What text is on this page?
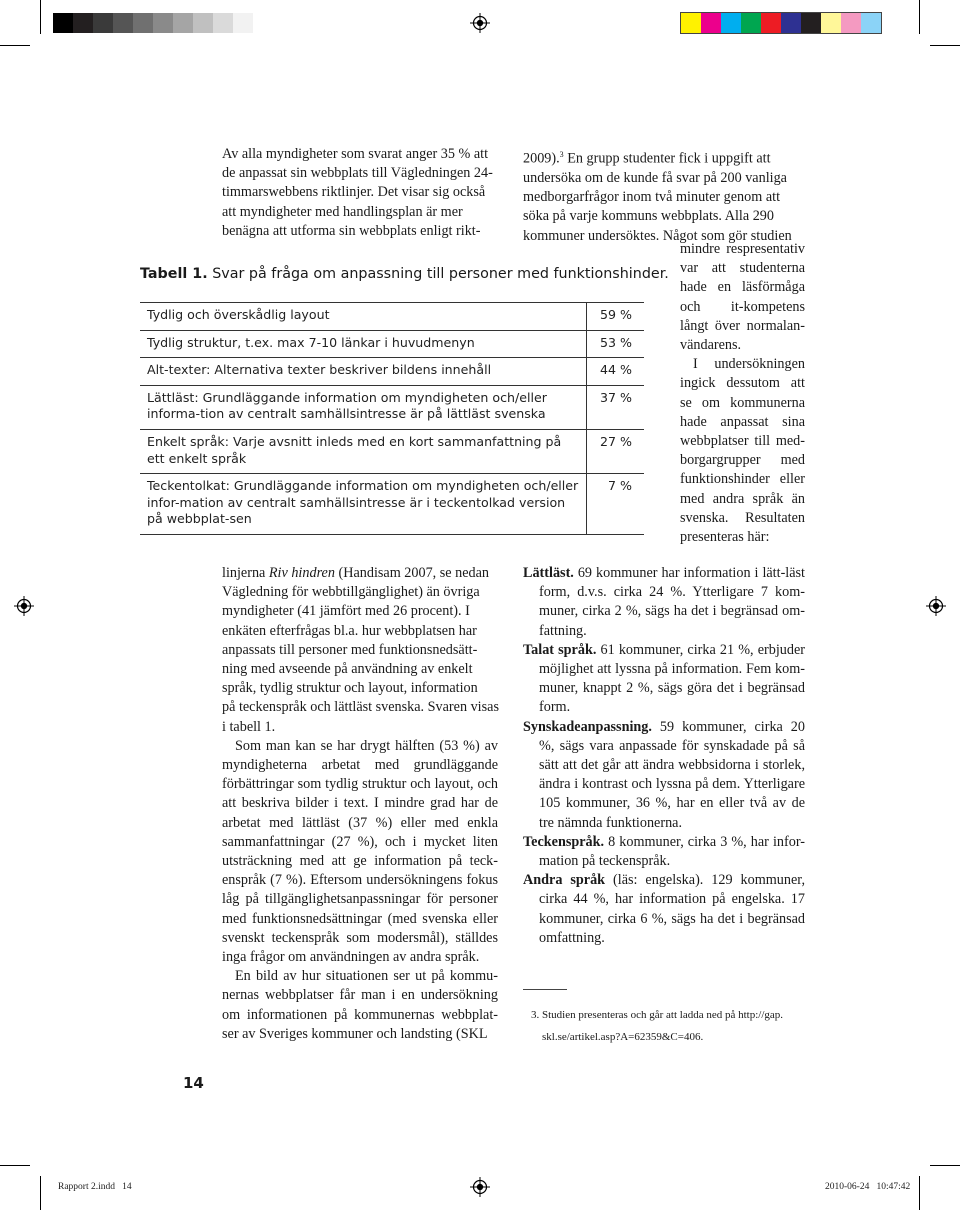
Av alla myndigheter som svarat anger 35 % att
de anpassat sin webbplats till Vägledningen 24-
timmarswebbens riktlinjer. Det visar sig också
att myndigheter med handlingsplan är mer
benägna att utforma sin webbplats enligt rikt-
2009).$^3$ En grupp studenter fick i uppgift att
undersöka om de kunde få svar på 200 vanliga
medborgarfrågor inom två minuter genom att
söka på varje kommuns webbplats. Alla 290
kommuner undersöktes. Något som gör studien
mindre respresentativ
var att studenterna
hade en läsförmåga
och it-kompetens
långt över normalan-
vändarens.
I undersökningen
ingick dessutom att
se om kommunerna
hade anpassat sina
webbplatser till med-
borgargrupper med
funktionshinder eller
med andra språk än
svenska. Resultaten
presenteras här:
Tabell 1. Svar på fråga om anpassning till personer med funktionshinder.
Tydlig och överskådlig layout	59 %
Tydlig struktur, t.ex. max 7-10 länkar i huvudmenyn	53 %
Alt-texter: Alternativa texter beskriver bildens innehåll	44 %
Lättläst: Grundläggande information om myndigheten och/eller informa-tion av centralt samhällsintresse är på lättläst svenska	37 %
Enkelt språk: Varje avsnitt inleds med en kort sammanfattning på ett enkelt språk	27 %
Teckentolkat: Grundläggande information om myndigheten och/eller infor-mation av centralt samhällsintresse är i teckentolkad version på webbplat-sen	7 %
linjerna Riv hindren (Handisam 2007, se nedan
Vägledning för webbtillgänglighet) än övriga
myndigheter (41 jämfört med 26 procent). I
enkäten efterfrågas bl.a. hur webbplatsen har
anpassats till personer med funktionsnedsätt-
ning med avseende på användning av enkelt
språk, tydlig struktur och layout, information
på teckenspråk och lättläst svenska. Svaren visas
i tabell 1.
Som man kan se har drygt hälften (53 %) av myndigheterna arbetat med grundläggande förbättringar som tydlig struktur och layout, och att beskriva bilder i text. I mindre grad har de arbetat med lättläst (37 %) eller med enkla sammanfattningar (27 %), och i mycket liten utsträckning med att ge information på teck-enspråk (7 %). Eftersom undersökningens fokus låg på tillgänglighetsanpassningar för personer med funktionsnedsättningar (med svenska eller svenskt teckenspråk som modersmål), ställdes inga frågor om användningen av andra språk.
En bild av hur situationen ser ut på kommu-nernas webbplatser får man i en undersökning om informationen på kommunernas webbplat-ser av Sveriges kommuner och landsting (SKL
Lättläst. 69 kommuner har information i lätt-läst form, d.v.s. cirka 24 %. Ytterligare 7 kom-muner, cirka 2 %, sägs ha det i begränsad om-fattning.
Talat språk. 61 kommuner, cirka 21 %, erbjuder möjlighet att lyssna på information. Fem kom-muner, knappt 2 %, sägs göra det i begränsad form.
Synskadeanpassning. 59 kommuner, cirka 20 %, sägs vara anpassade för synskadade på så sätt att det går att ändra webbsidorna i storlek, ändra i kontrast och lyssna på dem. Ytterligare 105 kommuner, 36 %, har en eller två av de tre nämnda funktionerna.
Teckenspråk. 8 kommuner, cirka 3 %, har infor-mation på teckenspråk.
Andra språk (läs: engelska). 129 kommuner, cirka 44 %, har information på engelska. 17 kommuner, cirka 6 %, sägs ha det i begränsad omfattning.
3. Studien presenteras och går att ladda ned på http://gap.
skl.se/artikel.asp?A=62359&C=406.
14
Rapport 2.indd   14	2010-06-24   10:47:42
